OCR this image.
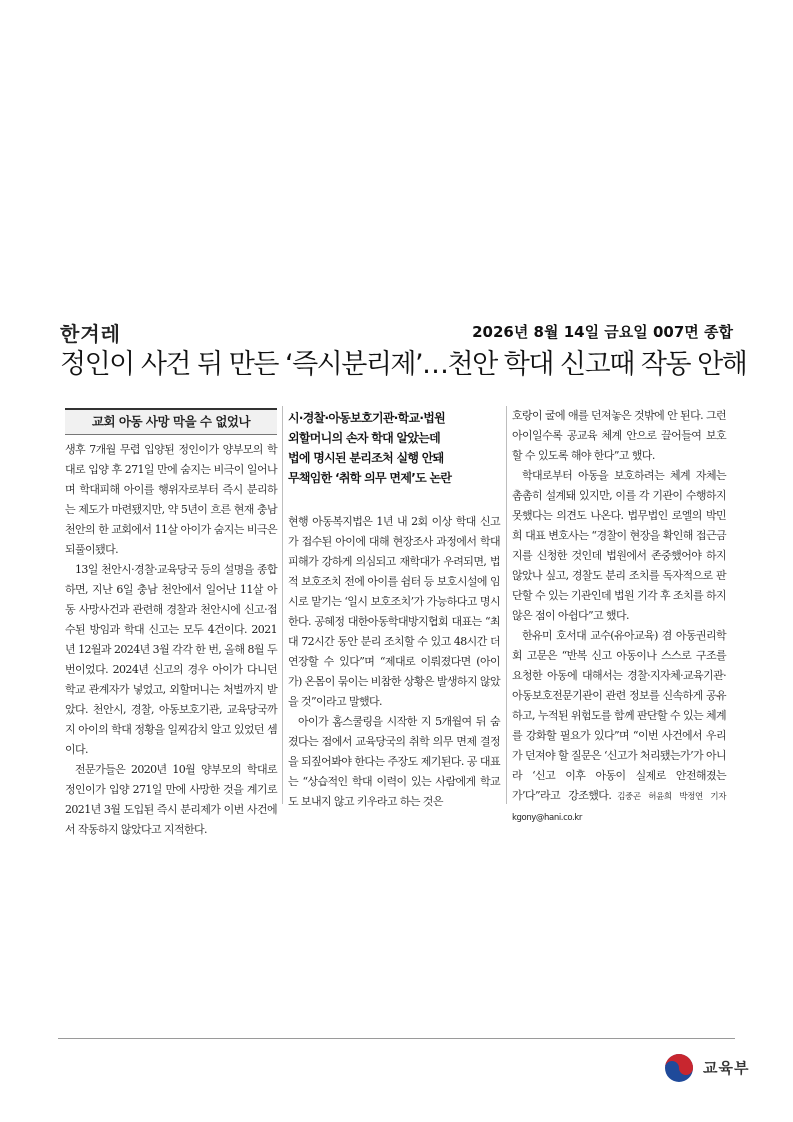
한겨레	2026년 8월 14일 금요일 007면 종합
정인이 사건 뒤 만든 ‘즉시분리제’…천안 학대 신고때 작동 안해
교회 아동 사망 막을 수 없었나

생후 7개월 무렵 입양된 정인이가 양부모의 학대로 입양 후 271일 만에 숨지는 비극이 일어나며 학대피해 아이를 행위자로부터 즉시 분리하는 제도가 마련됐지만, 약 5년이 흐른 현재 충남 천안의 한 교회에서 11살 아이가 숨지는 비극은 되풀이됐다.

13일 천안시·경찰·교육당국 등의 설명을 종합하면, 지난 6일 충남 천안에서 일어난 11살 아동 사망사건과 관련해 경찰과 천안시에 신고·접수된 방임과 학대 신고는 모두 4건이다. 2021년 12월과 2024년 3월 각각 한 번, 올해 8월 두번이었다. 2024년 신고의 경우 아이가 다니던 학교 관계자가 넣었고, 외할머니는 처벌까지 받았다. 천안시, 경찰, 아동보호기관, 교육당국까지 아이의 학대 정황을 일찌감치 알고 있었던 셈이다.

전문가들은 2020년 10월 양부모의 학대로 정인이가 입양 271일 만에 사망한 것을 계기로 2021년 3월 도입된 즉시 분리제가 이번 사건에서 작동하지 않았다고 지적한다.

시·경찰·아동보호기관·학교·법원
외할머니의 손자 학대 알았는데
법에 명시된 분리조처 실행 안돼
무책임한 ‘취학 의무 면제’도 논란

현행 아동복지법은 1년 내 2회 이상 학대 신고가 접수된 아이에 대해 현장조사 과정에서 학대피해가 강하게 의심되고 재학대가 우려되면, 법적 보호조치 전에 아이를 쉼터 등 보호시설에 임시로 맡기는 ‘일시 보호조치’가 가능하다고 명시한다. 공혜정 대한아동학대방지협회 대표는 “최대 72시간 동안 분리 조치할 수 있고 48시간 더 연장할 수 있다”며 “제대로 이뤄졌다면 (아이가) 온몸이 묶이는 비참한 상황은 발생하지 않았을 것”이라고 말했다.

아이가 홈스쿨링을 시작한 지 5개월여 뒤 숨졌다는 점에서 교육당국의 취학 의무 면제 결정을 되짚어봐야 한다는 주장도 제기된다. 공 대표는 “상습적인 학대 이력이 있는 사람에게 학교도 보내지 않고 키우라고 하는 것은

호랑이 굴에 애를 던져놓은 것밖에 안 된다. 그런 아이일수록 공교육 체계 안으로 끌어들여 보호할 수 있도록 해야 한다”고 했다.

학대로부터 아동을 보호하려는 체계 자체는 촘촘히 설계돼 있지만, 이를 각 기관이 수행하지 못했다는 의견도 나온다. 법무법인 로엘의 박민희 대표 변호사는 “경찰이 현장을 확인해 접근금지를 신청한 것인데 법원에서 존중했어야 하지 않았나 싶고, 경찰도 분리 조치를 독자적으로 판단할 수 있는 기관인데 법원 기각 후 조치를 하지 않은 점이 아쉽다”고 했다.

한유미 호서대 교수(유아교육) 겸 아동권리학회 고문은 “반복 신고 아동이나 스스로 구조를 요청한 아동에 대해서는 경찰·지자체·교육기관·아동보호전문기관이 관련 정보를 신속하게 공유하고, 누적된 위험도를 함께 판단할 수 있는 체계를 강화할 필요가 있다”며 “이번 사건에서 우리가 던져야 할 질문은 ‘신고가 처리됐는가’가 아니라 ‘신고 이후 아동이 실제로 안전해졌는가’다”라고 강조했다. 김중곤 허윤희 박정연 기자 kgony@hani.co.kr

교육부
